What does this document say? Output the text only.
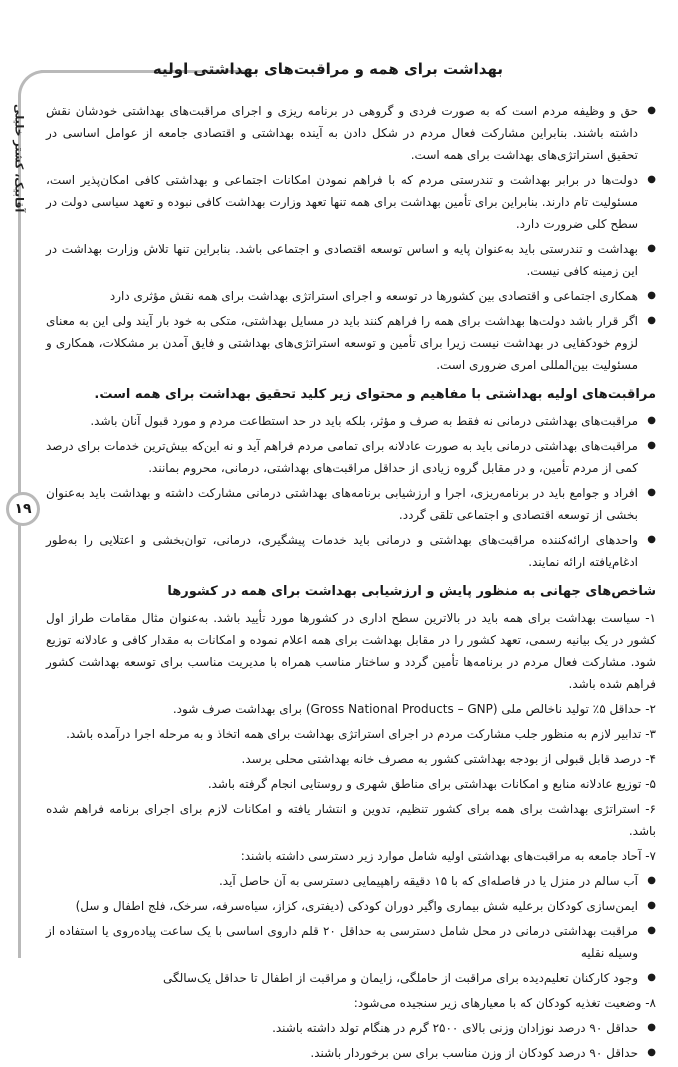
آقابیک، کشتر خلیلی
۱۹
بهداشت برای همه و مراقبت‌های بهداشتی اولیه
● حق و وظیفه مردم است که به صورت فردی و گروهی در برنامه ریزی و اجرای مراقبت‌های بهداشتی خودشان نقش داشته باشند. بنابراین مشارکت فعال مردم در شکل دادن به آینده بهداشتی و اقتصادی جامعه از عوامل اساسی در تحقیق استراتژی‌های بهداشت برای همه است.
● دولت‌ها در برابر بهداشت و تندرستی مردم که با فراهم نمودن امکانات اجتماعی و بهداشتی کافی امکان‌پذیر است، مسئولیت تام دارند. بنابراین برای تأمین بهداشت برای همه تنها تعهد وزارت بهداشت کافی نبوده و تعهد سیاسی دولت در سطح کلی ضرورت دارد.
● بهداشت و تندرستی باید به‌عنوان پایه و اساس توسعه اقتصادی و اجتماعی باشد. بنابراین تنها تلاش وزارت بهداشت در این زمینه کافی نیست.
● همکاری اجتماعی و اقتصادی بین کشورها در توسعه و اجرای استراتژی بهداشت برای همه نقش مؤثری دارد
● اگر قرار باشد دولت‌ها بهداشت برای همه را فراهم کنند باید در مسایل بهداشتی، متکی به خود بار آیند ولی این به معنای لزوم خودکفایی در بهداشت نیست زیرا برای تأمین و توسعه استراتژی‌های بهداشتی و فایق آمدن بر مشکلات، همکاری و مسئولیت بین‌المللی امری ضروری است.
مراقبت‌های اولیه بهداشتی با مفاهیم و محتوای زیر کلید تحقیق بهداشت برای همه است.
● مراقبت‌های بهداشتی درمانی نه فقط به صرف و مؤثر، بلکه باید در حد استطاعت مردم و مورد قبول آنان باشد.
● مراقبت‌های بهداشتی درمانی باید به صورت عادلانه برای تمامی مردم فراهم آید و نه این‌که بیش‌ترین خدمات برای درصد کمی از مردم تأمین، و در مقابل گروه زیادی از حداقل مراقبت‌های بهداشتی، درمانی، محروم بمانند.
● افراد و جوامع باید در برنامه‌ریزی، اجرا و ارزشیابی برنامه‌های بهداشتی درمانی مشارکت داشته و بهداشت باید به‌عنوان بخشی از توسعه اقتصادی و اجتماعی تلقی گردد.
● واحدهای ارائه‌کننده مراقبت‌های بهداشتی و درمانی باید خدمات پیشگیری، درمانی، توان‌بخشی و اعتلایی را به‌طور ادغام‌یافته ارائه نمایند.
شاخص‌های جهانی به منظور پایش و ارزشیابی بهداشت برای همه در کشورها
۱- سیاست بهداشت برای همه باید در بالاترین سطح اداری در کشورها مورد تأیید باشد. به‌عنوان مثال مقامات طراز اول کشور در یک بیانیه رسمی، تعهد کشور را در مقابل بهداشت برای همه اعلام نموده و امکانات به مقدار کافی و عادلانه توزیع شود. مشارکت فعال مردم در برنامه‌ها تأمین گردد و ساختار مناسب همراه با مدیریت مناسب برای توسعه بهداشت کشور فراهم شده باشد.
۲- حداقل ۵٪ تولید ناخالص ملی (Gross National Products – GNP) برای بهداشت صرف شود.
۳- تدابیر لازم به منظور جلب مشارکت مردم در اجرای استراتژی بهداشت برای همه اتخاذ و به مرحله اجرا درآمده باشد.
۴- درصد قابل قبولی از بودجه بهداشتی کشور به مصرف خانه بهداشتی محلی برسد.
۵- توزیع عادلانه منابع و امکانات بهداشتی برای مناطق شهری و روستایی انجام گرفته باشد.
۶- استراتژی بهداشت برای همه برای کشور تنظیم، تدوین و انتشار یافته و امکانات لازم برای اجرای برنامه فراهم شده باشد.
۷- آحاد جامعه به مراقبت‌های بهداشتی اولیه شامل موارد زیر دسترسی داشته باشند:
● آب سالم در منزل یا در فاصله‌ای که با ۱۵ دقیقه راهپیمایی دسترسی به آن حاصل آید.
● ایمن‌سازی کودکان برعلیه شش بیماری واگیر دوران کودکی (دیفتری، کزاز، سیاه‌سرفه، سرخک، فلج اطفال و سل)
● مراقبت بهداشتی درمانی در محل شامل دسترسی به حداقل ۲۰ قلم داروی اساسی با یک ساعت پیاده‌روی یا استفاده از وسیله نقلیه
● وجود کارکنان تعلیم‌دیده برای مراقبت از حاملگی، زایمان و مراقبت از اطفال تا حداقل یک‌سالگی
۸- وضعیت تغذیه کودکان که با معیارهای زیر سنجیده می‌شود:
● حداقل ۹۰ درصد نوزادان وزنی بالای ۲۵۰۰ گرم در هنگام تولد داشته باشند.
● حداقل ۹۰ درصد کودکان از وزن مناسب برای سن برخوردار باشند.
